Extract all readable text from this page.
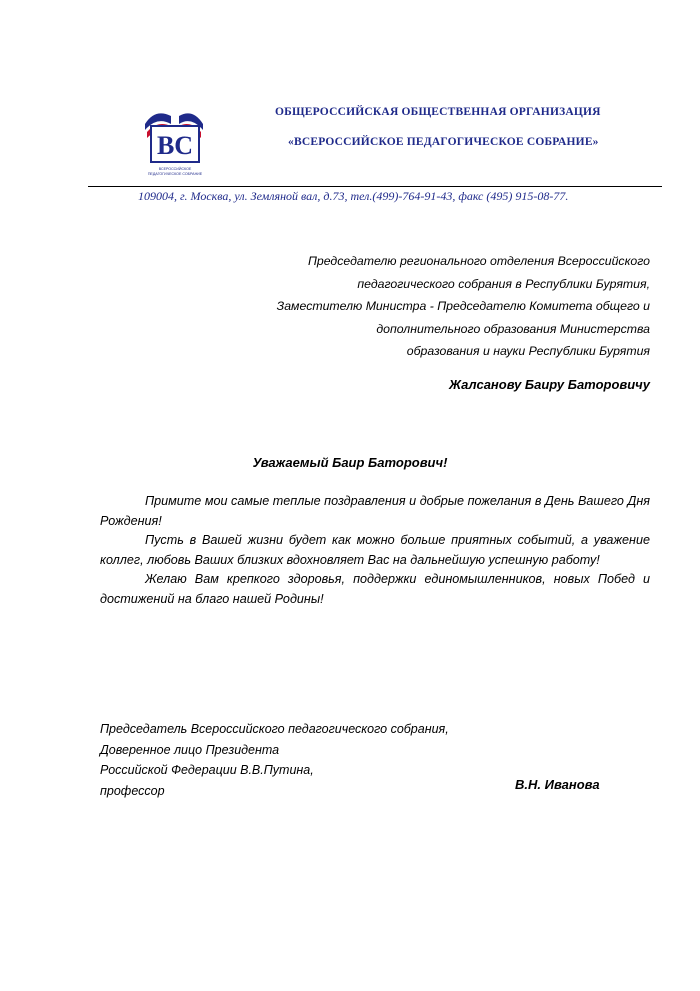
ВС
ВСЕРОССИЙСКОЕ
ПЕДАГОГИЧЕСКОЕ СОБРАНИЕ
ОБЩЕРОССИЙСКАЯ ОБЩЕСТВЕННАЯ ОРГАНИЗАЦИЯ
«ВСЕРОССИЙСКОЕ ПЕДАГОГИЧЕСКОЕ СОБРАНИЕ»
109004, г. Москва, ул. Земляной вал, д.73, тел.(499)-764-91-43, факс (495) 915-08-77.
Председателю регионального отделения Всероссийского
педагогического собрания в Республики Бурятия,
Заместителю Министра - Председателю Комитета общего и
дополнительного образования Министерства
образования и науки Республики Бурятия
Жалсанову Баиру Баторовичу
Уважаемый Баир Баторович!

Примите мои самые теплые поздравления и добрые пожелания в День Вашего Дня Рождения!

Пусть в Вашей жизни будет как можно больше приятных событий, а уважение коллег, любовь Ваших близких вдохновляет Вас на дальнейшую успешную работу!

Желаю Вам крепкого здоровья, поддержки единомышленников, новых Побед и достижений на благо нашей Родины!

Председатель Всероссийского педагогического собрания,
Доверенное лицо Президента
Российской Федерации В.В.Путина,
профессор	В.Н. Иванова
